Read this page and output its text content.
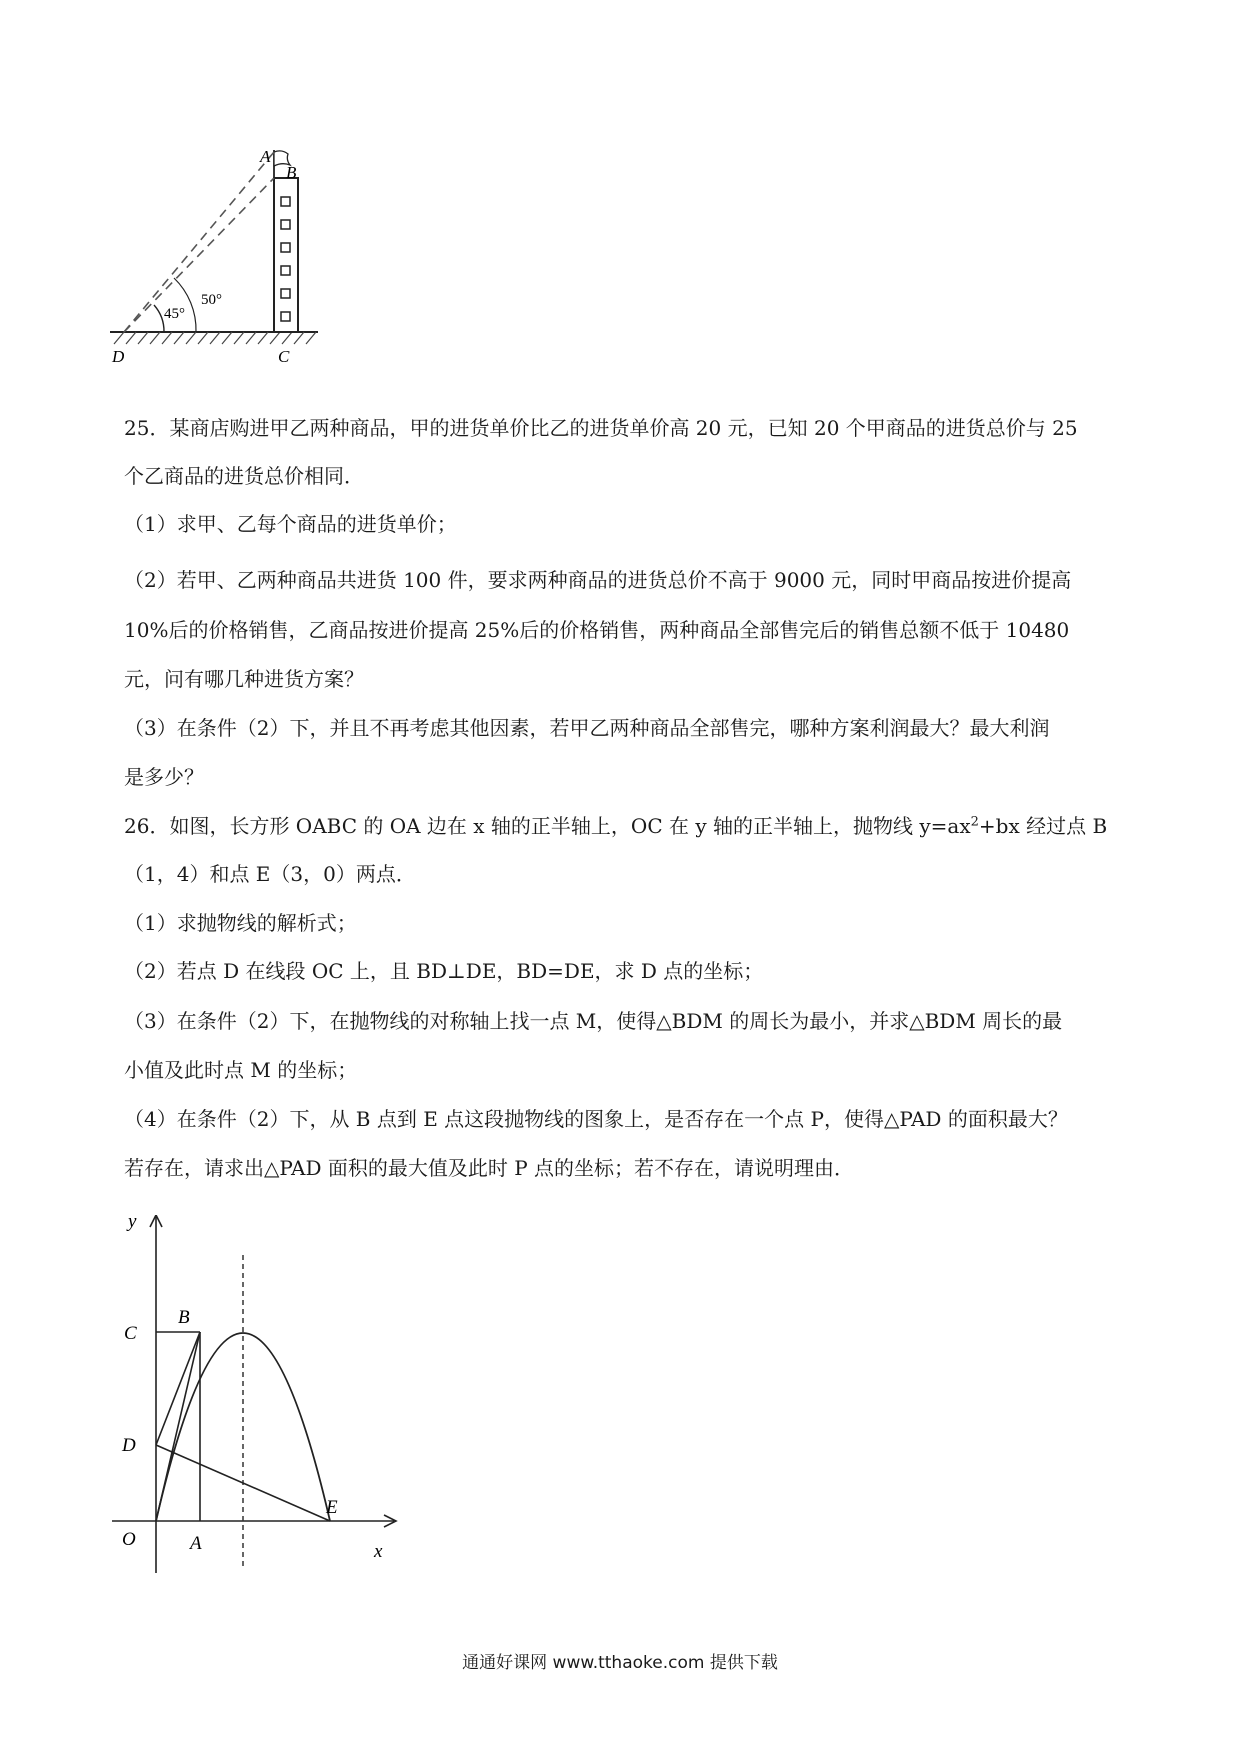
45°
50°
A
B
D	C
25．某商店购进甲乙两种商品，甲的进货单价比乙的进货单价高 20 元，已知 20 个甲商品的进货总价与 25
个乙商品的进货总价相同．
（1）求甲、乙每个商品的进货单价；
（2）若甲、乙两种商品共进货 100 件，要求两种商品的进货总价不高于 9000 元，同时甲商品按进价提高
10%后的价格销售，乙商品按进价提高 25%后的价格销售，两种商品全部售完后的销售总额不低于 10480
元，问有哪几种进货方案？
（3）在条件（2）下，并且不再考虑其他因素，若甲乙两种商品全部售完，哪种方案利润最大？最大利润
是多少？
26．如图，长方形 OABC 的 OA 边在 x 轴的正半轴上，OC 在 y 轴的正半轴上，抛物线 $y=ax^2+bx$ 经过点 B
（1，4）和点 E（3，0）两点．
（1）求抛物线的解析式；
（2）若点 D 在线段 OC 上，且 BD⊥DE，BD=DE，求 D 点的坐标；
（3）在条件（2）下，在抛物线的对称轴上找一点 M，使得△BDM 的周长为最小，并求△BDM 周长的最
小值及此时点 M 的坐标；
（4）在条件（2）下，从 B 点到 E 点这段抛物线的图象上，是否存在一个点 P，使得△PAD 的面积最大？
若存在，请求出△PAD 面积的最大值及此时 P 点的坐标；若不存在，请说明理由．
y
x
C
B
D
O	A
E
通通好课网 www.tthaoke.com 提供下载
